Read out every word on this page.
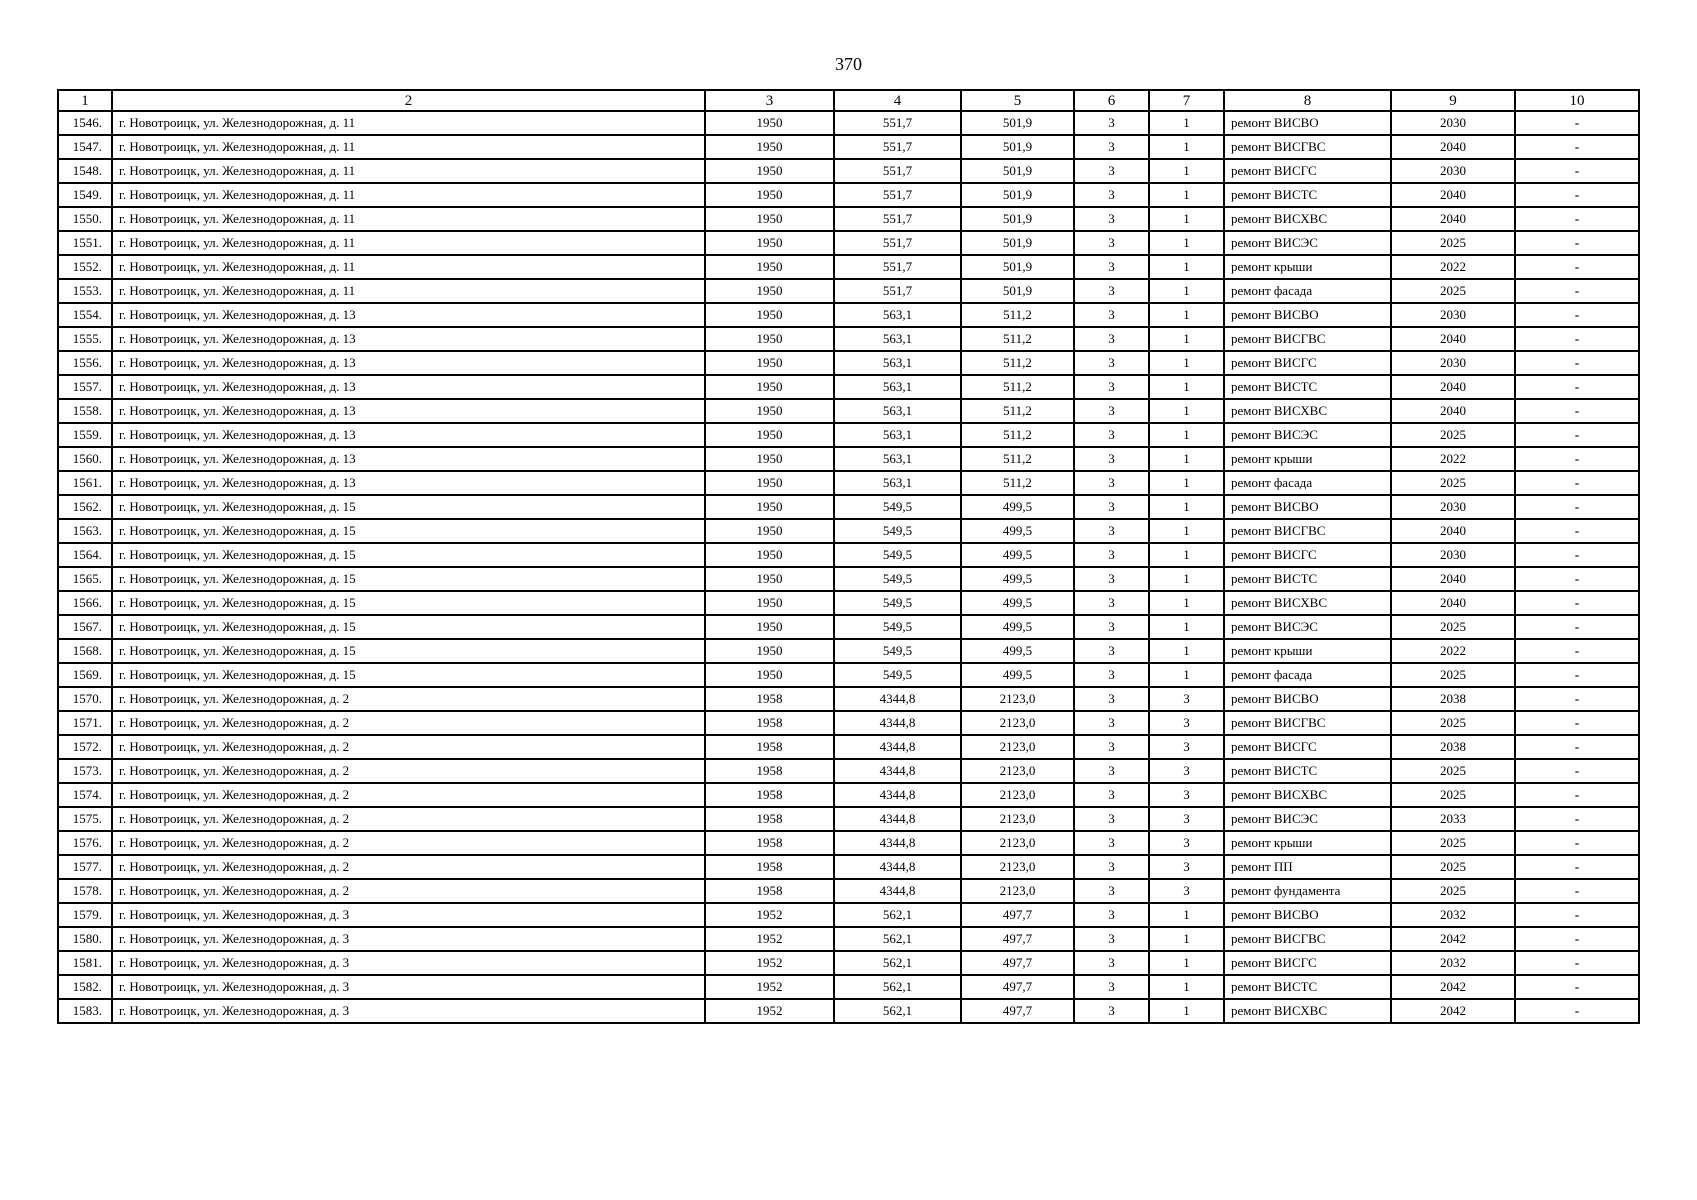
370
1	2	3	4	5	6	7	8	9	10
1546.	г. Новотроицк, ул. Железнодорожная, д. 11	1950	551,7	501,9	3	1	ремонт ВИСВО	2030	-
1547.	г. Новотроицк, ул. Железнодорожная, д. 11	1950	551,7	501,9	3	1	ремонт ВИСГВС	2040	-
1548.	г. Новотроицк, ул. Железнодорожная, д. 11	1950	551,7	501,9	3	1	ремонт ВИСГС	2030	-
1549.	г. Новотроицк, ул. Железнодорожная, д. 11	1950	551,7	501,9	3	1	ремонт ВИСТС	2040	-
1550.	г. Новотроицк, ул. Железнодорожная, д. 11	1950	551,7	501,9	3	1	ремонт ВИСХВС	2040	-
1551.	г. Новотроицк, ул. Железнодорожная, д. 11	1950	551,7	501,9	3	1	ремонт ВИСЭС	2025	-
1552.	г. Новотроицк, ул. Железнодорожная, д. 11	1950	551,7	501,9	3	1	ремонт крыши	2022	-
1553.	г. Новотроицк, ул. Железнодорожная, д. 11	1950	551,7	501,9	3	1	ремонт фасада	2025	-
1554.	г. Новотроицк, ул. Железнодорожная, д. 13	1950	563,1	511,2	3	1	ремонт ВИСВО	2030	-
1555.	г. Новотроицк, ул. Железнодорожная, д. 13	1950	563,1	511,2	3	1	ремонт ВИСГВС	2040	-
1556.	г. Новотроицк, ул. Железнодорожная, д. 13	1950	563,1	511,2	3	1	ремонт ВИСГС	2030	-
1557.	г. Новотроицк, ул. Железнодорожная, д. 13	1950	563,1	511,2	3	1	ремонт ВИСТС	2040	-
1558.	г. Новотроицк, ул. Железнодорожная, д. 13	1950	563,1	511,2	3	1	ремонт ВИСХВС	2040	-
1559.	г. Новотроицк, ул. Железнодорожная, д. 13	1950	563,1	511,2	3	1	ремонт ВИСЭС	2025	-
1560.	г. Новотроицк, ул. Железнодорожная, д. 13	1950	563,1	511,2	3	1	ремонт крыши	2022	-
1561.	г. Новотроицк, ул. Железнодорожная, д. 13	1950	563,1	511,2	3	1	ремонт фасада	2025	-
1562.	г. Новотроицк, ул. Железнодорожная, д. 15	1950	549,5	499,5	3	1	ремонт ВИСВО	2030	-
1563.	г. Новотроицк, ул. Железнодорожная, д. 15	1950	549,5	499,5	3	1	ремонт ВИСГВС	2040	-
1564.	г. Новотроицк, ул. Железнодорожная, д. 15	1950	549,5	499,5	3	1	ремонт ВИСГС	2030	-
1565.	г. Новотроицк, ул. Железнодорожная, д. 15	1950	549,5	499,5	3	1	ремонт ВИСТС	2040	-
1566.	г. Новотроицк, ул. Железнодорожная, д. 15	1950	549,5	499,5	3	1	ремонт ВИСХВС	2040	-
1567.	г. Новотроицк, ул. Железнодорожная, д. 15	1950	549,5	499,5	3	1	ремонт ВИСЭС	2025	-
1568.	г. Новотроицк, ул. Железнодорожная, д. 15	1950	549,5	499,5	3	1	ремонт крыши	2022	-
1569.	г. Новотроицк, ул. Железнодорожная, д. 15	1950	549,5	499,5	3	1	ремонт фасада	2025	-
1570.	г. Новотроицк, ул. Железнодорожная, д. 2	1958	4344,8	2123,0	3	3	ремонт ВИСВО	2038	-
1571.	г. Новотроицк, ул. Железнодорожная, д. 2	1958	4344,8	2123,0	3	3	ремонт ВИСГВС	2025	-
1572.	г. Новотроицк, ул. Железнодорожная, д. 2	1958	4344,8	2123,0	3	3	ремонт ВИСГС	2038	-
1573.	г. Новотроицк, ул. Железнодорожная, д. 2	1958	4344,8	2123,0	3	3	ремонт ВИСТС	2025	-
1574.	г. Новотроицк, ул. Железнодорожная, д. 2	1958	4344,8	2123,0	3	3	ремонт ВИСХВС	2025	-
1575.	г. Новотроицк, ул. Железнодорожная, д. 2	1958	4344,8	2123,0	3	3	ремонт ВИСЭС	2033	-
1576.	г. Новотроицк, ул. Железнодорожная, д. 2	1958	4344,8	2123,0	3	3	ремонт крыши	2025	-
1577.	г. Новотроицк, ул. Железнодорожная, д. 2	1958	4344,8	2123,0	3	3	ремонт ПП	2025	-
1578.	г. Новотроицк, ул. Железнодорожная, д. 2	1958	4344,8	2123,0	3	3	ремонт фундамента	2025	-
1579.	г. Новотроицк, ул. Железнодорожная, д. 3	1952	562,1	497,7	3	1	ремонт ВИСВО	2032	-
1580.	г. Новотроицк, ул. Железнодорожная, д. 3	1952	562,1	497,7	3	1	ремонт ВИСГВС	2042	-
1581.	г. Новотроицк, ул. Железнодорожная, д. 3	1952	562,1	497,7	3	1	ремонт ВИСГС	2032	-
1582.	г. Новотроицк, ул. Железнодорожная, д. 3	1952	562,1	497,7	3	1	ремонт ВИСТС	2042	-
1583.	г. Новотроицк, ул. Железнодорожная, д. 3	1952	562,1	497,7	3	1	ремонт ВИСХВС	2042	-
